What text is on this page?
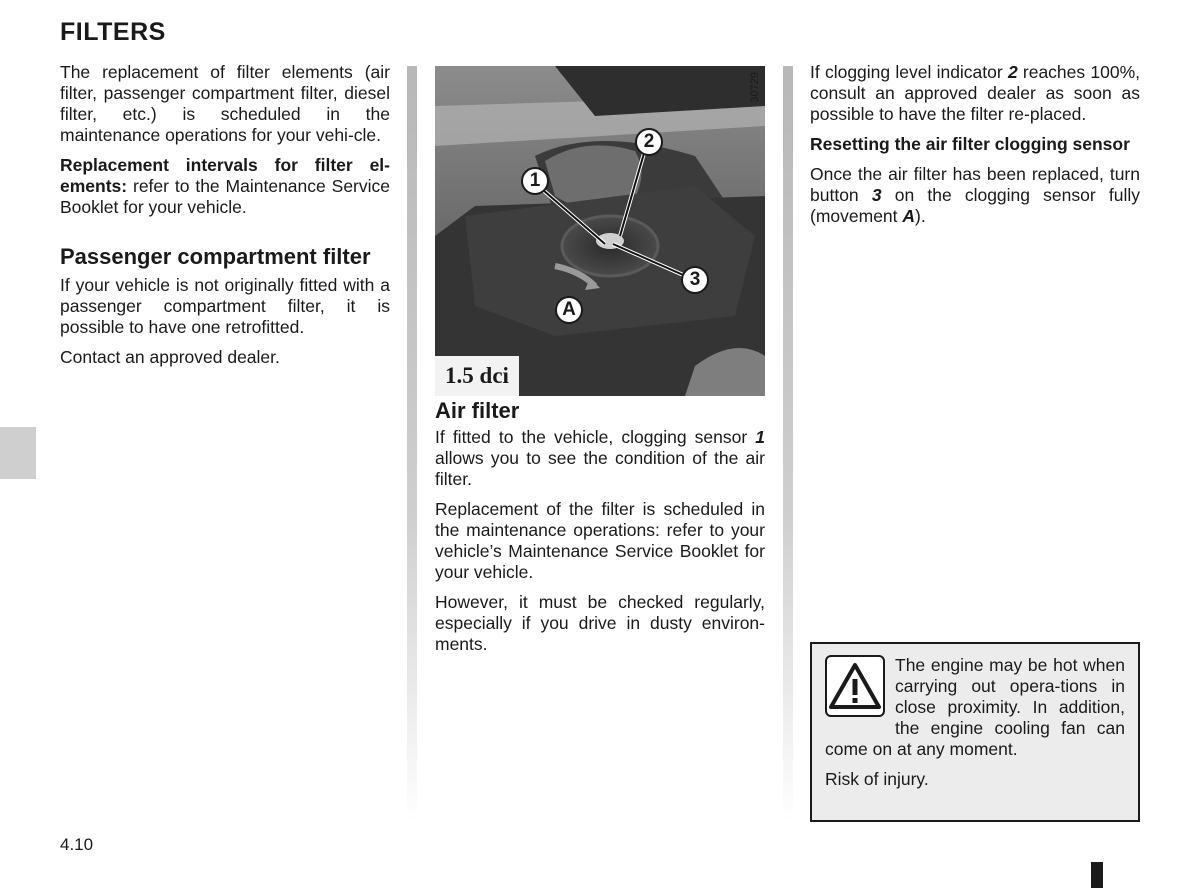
FILTERS

The replacement of filter elements (air filter, passenger compartment filter, diesel filter, etc.) is scheduled in the maintenance operations for your vehi-cle.

Replacement intervals for filter el-ements: refer to the Maintenance Service Booklet for your vehicle.

Passenger compartment filter

If your vehicle is not originally fitted with a passenger compartment filter, it is possible to have one retrofitted.

Contact an approved dealer.

30729
1
2
3
A
1.5 dci
Air filter

If fitted to the vehicle, clogging sensor 1 allows you to see the condition of the air filter.

Replacement of the filter is scheduled in the maintenance operations: refer to your vehicle’s Maintenance Service Booklet for your vehicle.

However, it must be checked regularly, especially if you drive in dusty environ-ments.

If clogging level indicator 2 reaches 100%, consult an approved dealer as soon as possible to have the filter re-placed.

Resetting the air filter clogging sensor

Once the air filter has been replaced, turn button 3 on the clogging sensor fully (movement A).

The engine may be hot when carrying out opera-tions in close proximity. In addition, the engine cooling fan can come on at any moment.

Risk of injury.

4.10
